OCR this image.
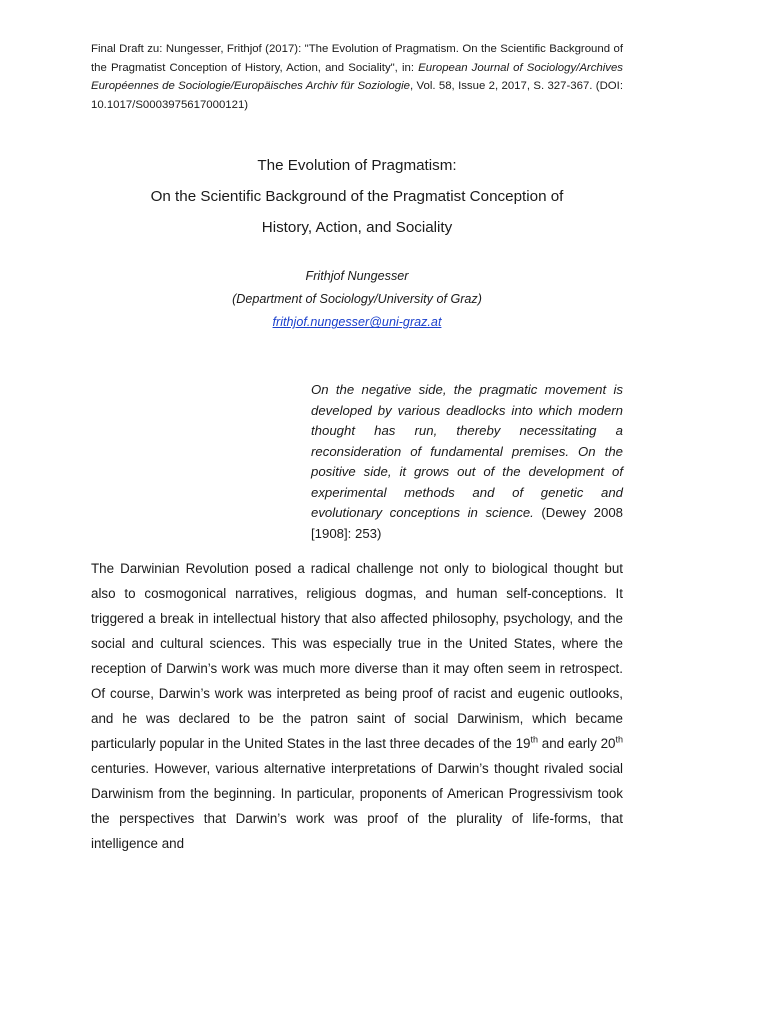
Final Draft zu: Nungesser, Frithjof (2017): "The Evolution of Pragmatism. On the Scientific Background of the Pragmatist Conception of History, Action, and Sociality", in: European Journal of Sociology/Archives Européennes de Sociologie/Europäisches Archiv für Soziologie, Vol. 58, Issue 2, 2017, S. 327-367. (DOI: 10.1017/S0003975617000121)

The Evolution of Pragmatism:
On the Scientific Background of the Pragmatist Conception of
History, Action, and Sociality
Frithjof Nungesser
(Department of Sociology/University of Graz)
frithjof.nungesser@uni-graz.at
On the negative side, the pragmatic movement is developed by various deadlocks into which modern thought has run, thereby necessitating a reconsideration of fundamental premises. On the positive side, it grows out of the development of experimental methods and of genetic and evolutionary conceptions in science. (Dewey 2008 [1908]: 253)

The Darwinian Revolution posed a radical challenge not only to biological thought but also to cosmogonical narratives, religious dogmas, and human self-conceptions. It triggered a break in intellectual history that also affected philosophy, psychology, and the social and cultural sciences. This was especially true in the United States, where the reception of Darwin’s work was much more diverse than it may often seem in retrospect. Of course, Darwin’s work was interpreted as being proof of racist and eugenic outlooks, and he was declared to be the patron saint of social Darwinism, which became particularly popular in the United States in the last three decades of the 19th and early 20th centuries. However, various alternative interpretations of Darwin’s thought rivaled social Darwinism from the beginning. In particular, proponents of American Progressivism took the perspectives that Darwin’s work was proof of the plurality of life-forms, that intelligence and
